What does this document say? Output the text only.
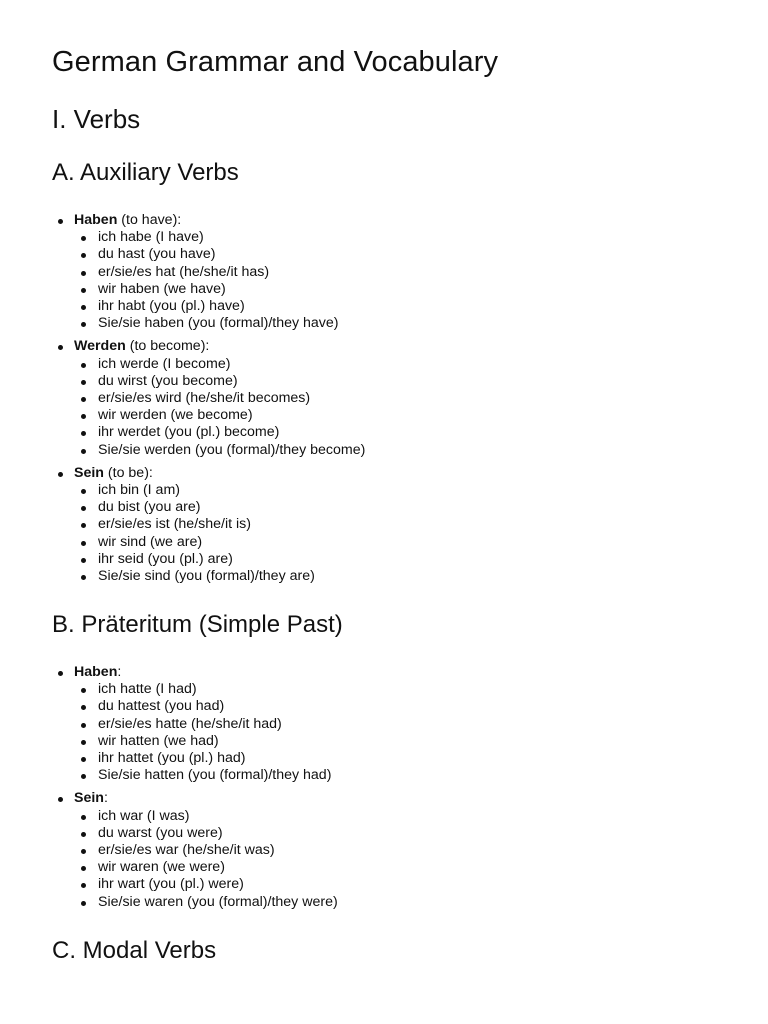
German Grammar and Vocabulary
I. Verbs
A. Auxiliary Verbs
Haben (to have):
ich habe (I have)
du hast (you have)
er/sie/es hat (he/she/it has)
wir haben (we have)
ihr habt (you (pl.) have)
Sie/sie haben (you (formal)/they have)
Werden (to become):
ich werde (I become)
du wirst (you become)
er/sie/es wird (he/she/it becomes)
wir werden (we become)
ihr werdet (you (pl.) become)
Sie/sie werden (you (formal)/they become)
Sein (to be):
ich bin (I am)
du bist (you are)
er/sie/es ist (he/she/it is)
wir sind (we are)
ihr seid (you (pl.) are)
Sie/sie sind (you (formal)/they are)
B. Präteritum (Simple Past)
Haben:
ich hatte (I had)
du hattest (you had)
er/sie/es hatte (he/she/it had)
wir hatten (we had)
ihr hattet (you (pl.) had)
Sie/sie hatten (you (formal)/they had)
Sein:
ich war (I was)
du warst (you were)
er/sie/es war (he/she/it was)
wir waren (we were)
ihr wart (you (pl.) were)
Sie/sie waren (you (formal)/they were)
C. Modal Verbs
